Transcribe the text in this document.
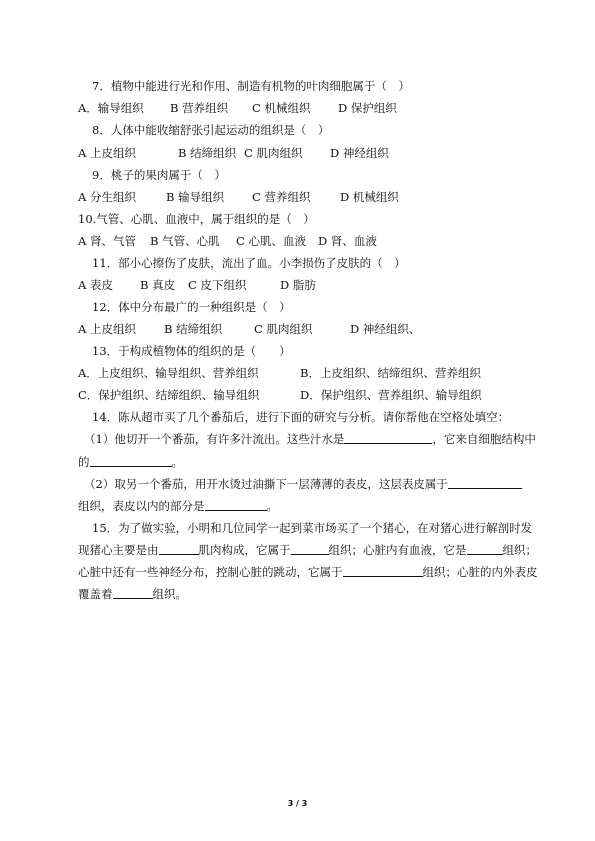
7．植物中能进行光和作用、制造有机物的叶肉细胞属于（　）
A．输导组织 B 营养组织 C 机械组织 D 保护组织
8．人体中能收缩舒张引起运动的组织是（　）
A 上皮组织	B 结缔组织 C 肌肉组织 D 神经组织
9．桃子的果肉属于（　）
A 分生组织	B 输导组织 C 营养组织	D 机械组织
10.气管、心肌、血液中，属于组织的是（　）
A 肾、气管 B 气管、心肌 C 心肌、血液 D 肾、血液
11．部小心擦伤了皮肤，流出了血。小李损伤了皮肤的（　）
A 表皮 B 真皮 C 皮下组织	D 脂肪
12．体中分布最广的一种组织是（　）
A 上皮组织 B 结缔组织	C 肌肉组织	D 神经组织、
13．于构成植物体的组织的是（　　）
A．上皮组织、输导组织、营养组织	B．上皮组织、结缔组织、营养组织
C．保护组织、结缔组织、输导组织	D．保护组织、营养组织、输导组织
14．陈从超市买了几个番茄后，进行下面的研究与分析。请你帮他在空格处填空：
（1）他切开一个番茄，有许多汁流出。这些汁水是	，它来自细胞结构中
的	。
（2）取另一个番茄，用开水烫过油撕下一层薄薄的表皮，这层表皮属于
组织，表皮以内的部分是	。
15．为了做实验，小明和几位同学一起到菜市场买了一个猪心，在对猪心进行解剖时发
现猪心主要是由	肌肉构成，它属于	组织；心脏内有血液，它是	组织；
心脏中还有一些神经分布，控制心脏的跳动，它属于	组织；心脏的内外表皮
覆盖着	组织。
3 / 3
